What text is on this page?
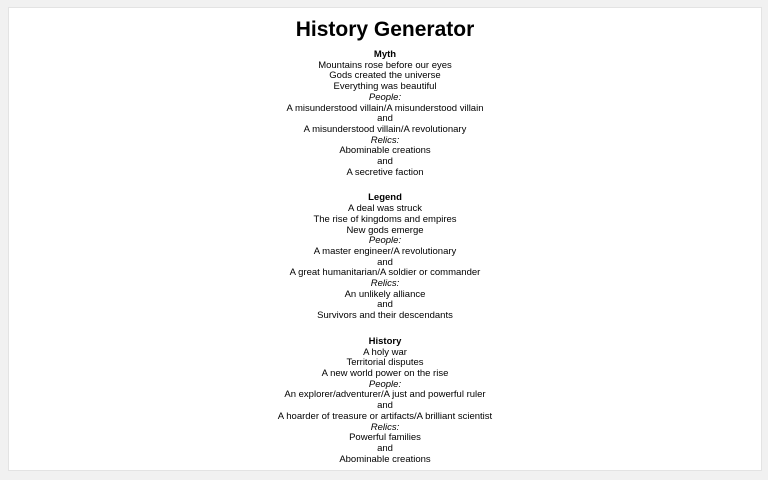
History Generator
Myth
Mountains rose before our eyes
Gods created the universe
Everything was beautiful
People:
A misunderstood villain/A misunderstood villain
and
A misunderstood villain/A revolutionary
Relics:
Abominable creations
and
A secretive faction
Legend
A deal was struck
The rise of kingdoms and empires
New gods emerge
People:
A master engineer/A revolutionary
and
A great humanitarian/A soldier or commander
Relics:
An unlikely alliance
and
Survivors and their descendants
History
A holy war
Territorial disputes
A new world power on the rise
People:
An explorer/adventurer/A just and powerful ruler
and
A hoarder of treasure or artifacts/A brilliant scientist
Relics:
Powerful families
and
Abominable creations
